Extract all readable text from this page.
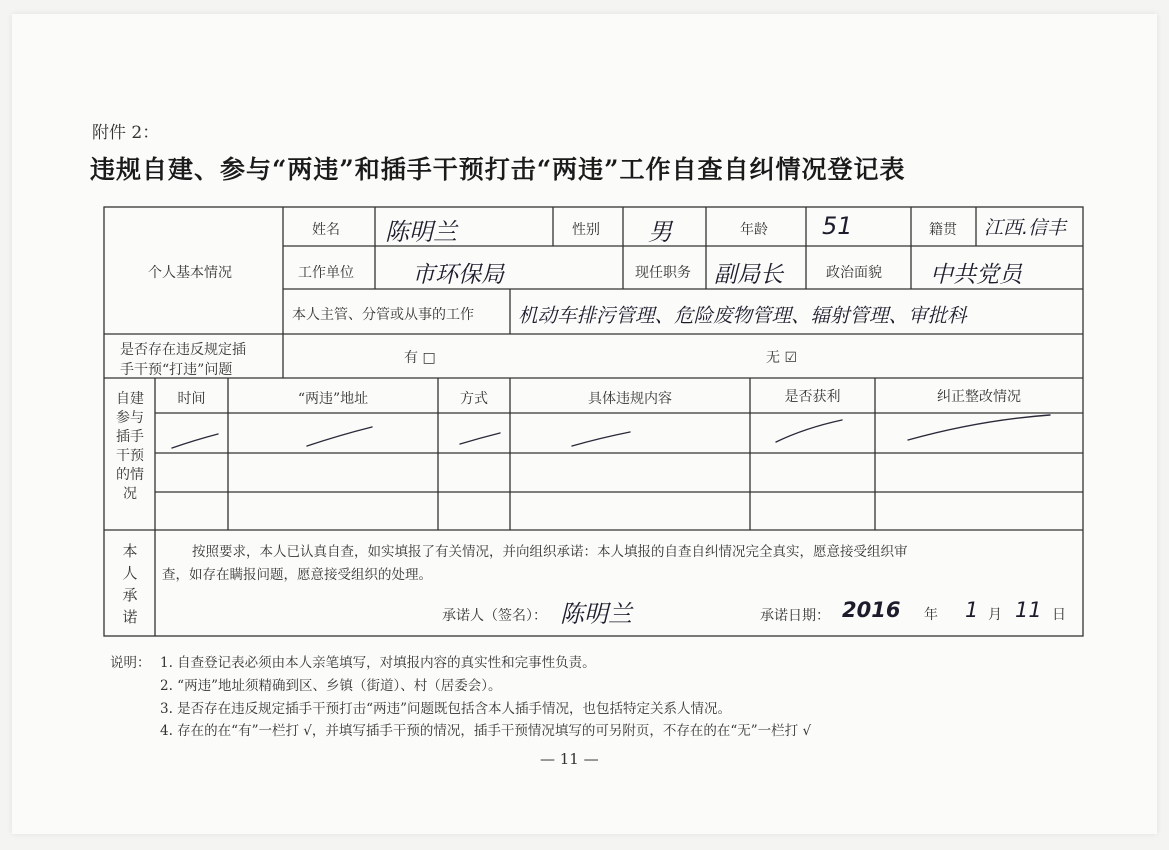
附件 2：
违规自建、参与“两违”和插手干预打击“两违”工作自查自纠情况登记表
个人基本情况
姓名 陈明兰	性别 男	年龄 51	籍贯 江西.信丰
工作单位	市环保局	现任职务 副局长	政治面貌 中共党员
本人主管、分管或从事的工作 机动车排污管理、危险废物管理、辐射管理、审批科
是否存在违反规定插
手干预“打违”问题
有 □	无 ☑
自建
参与
插手
干预
的情
况
时间	“两违”地址	方式	具体违规内容	是否获利	纠正整改情况
本
人
承
诺
按照要求，本人已认真自查，如实填报了有关情况，并向组织承诺：本人填报的自查自纠情况完全真实，愿意接受组织审
查，如存在瞒报问题，愿意接受组织的处理。
承诺人（签名）： 陈明兰	承诺日期： 2016 年 1 月 11 日
说明： 1. 自查登记表必须由本人亲笔填写，对填报内容的真实性和完事性负责。
2. “两违”地址须精确到区、乡镇（街道）、村（居委会）。
3. 是否存在违反规定插手干预打击“两违”问题既包括含本人插手情况，也包括特定关系人情况。
4. 存在的在“有”一栏打 √，并填写插手干预的情况，插手干预情况填写的可另附页，不存在的在“无”一栏打 √
— 11 —
